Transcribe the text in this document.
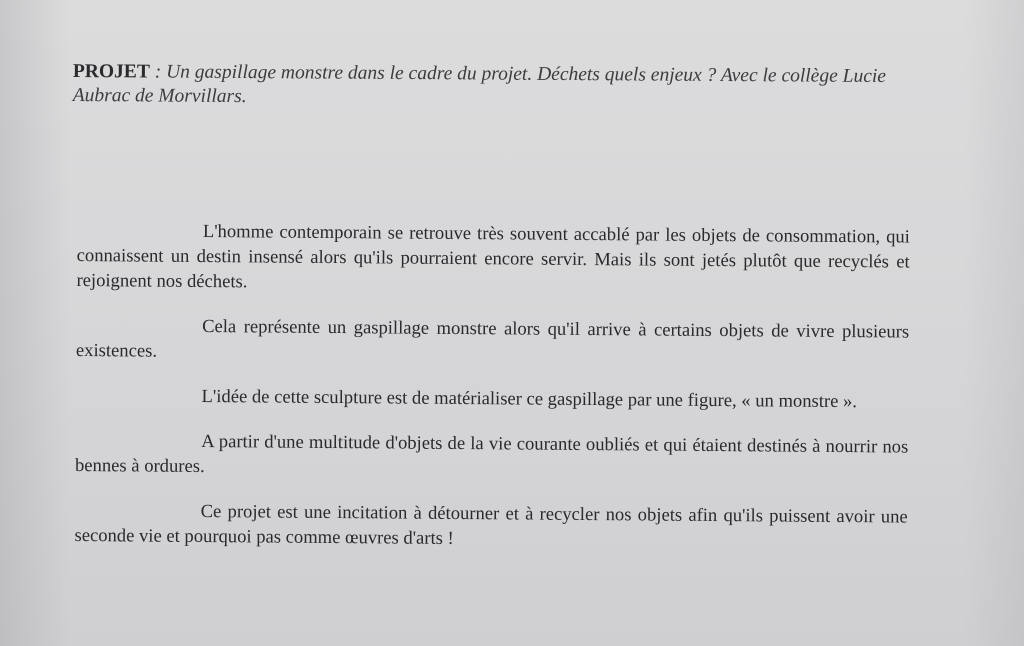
PROJET : Un gaspillage monstre dans le cadre du projet. Déchets quels enjeux ? Avec le collège Lucie Aubrac de Morvillars.

L'homme contemporain se retrouve très souvent accablé par les objets de consommation, qui connaissent un destin insensé alors qu'ils pourraient encore servir. Mais ils sont jetés plutôt que recyclés et rejoignent nos déchets.

Cela représente un gaspillage monstre alors qu'il arrive à certains objets de vivre plusieurs existences.

L'idée de cette sculpture est de matérialiser ce gaspillage par une figure, « un monstre ».

A partir d'une multitude d'objets de la vie courante oubliés et qui étaient destinés à nourrir nos bennes à ordures.

Ce projet est une incitation à détourner et à recycler nos objets afin qu'ils puissent avoir une seconde vie et pourquoi pas comme œuvres d'arts !
